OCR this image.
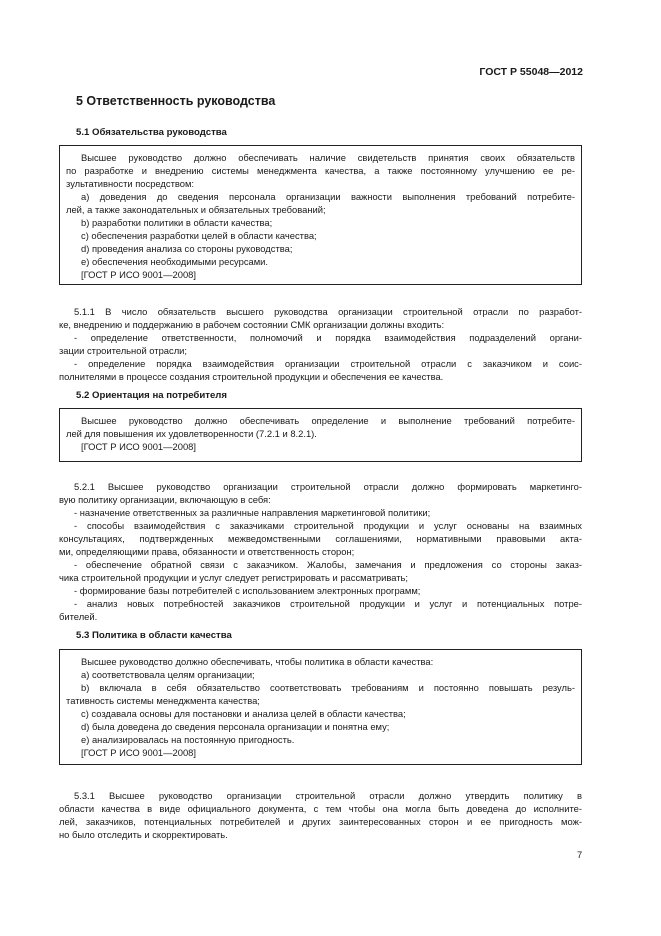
ГОСТ Р 55048—2012
5 Ответственность руководства
5.1 Обязательства руководства
Высшее руководство должно обеспечивать наличие свидетельств принятия своих обязательств
по разработке и внедрению системы менеджмента качества, а также постоянному улучшению ее ре-
зультативности посредством:
a) доведения до сведения персонала организации важности выполнения требований потребите-
лей, а также законодательных и обязательных требований;
b) разработки политики в области качества;
c) обеспечения разработки целей в области качества;
d) проведения анализа со стороны руководства;
e) обеспечения необходимыми ресурсами.
[ГОСТ Р ИСО 9001—2008]
5.1.1 В число обязательств высшего руководства организации строительной отрасли по разработ-
ке, внедрению и поддержанию в рабочем состоянии СМК организации должны входить:
- определение ответственности, полномочий и порядка взаимодействия подразделений органи-
зации строительной отрасли;
- определение порядка взаимодействия организации строительной отрасли с заказчиком и соис-
полнителями в процессе создания строительной продукции и обеспечения ее качества.
5.2 Ориентация на потребителя
Высшее руководство должно обеспечивать определение и выполнение требований потребите-
лей для повышения их удовлетворенности (7.2.1 и 8.2.1).
[ГОСТ Р ИСО 9001—2008]
5.2.1 Высшее руководство организации строительной отрасли должно формировать маркетинго-
вую политику организации, включающую в себя:
- назначение ответственных за различные направления маркетинговой политики;
- способы взаимодействия с заказчиками строительной продукции и услуг основаны на взаимных
консультациях, подтвержденных межведомственными соглашениями, нормативными правовыми акта-
ми, определяющими права, обязанности и ответственность сторон;
- обеспечение обратной связи с заказчиком. Жалобы, замечания и предложения со стороны заказ-
чика строительной продукции и услуг следует регистрировать и рассматривать;
- формирование базы потребителей с использованием электронных программ;
- анализ новых потребностей заказчиков строительной продукции и услуг и потенциальных потре-
бителей.
5.3 Политика в области качества
Высшее руководство должно обеспечивать, чтобы политика в области качества:
a) соответствовала целям организации;
b) включала в себя обязательство соответствовать требованиям и постоянно повышать резуль-
тативность системы менеджмента качества;
c) создавала основы для постановки и анализа целей в области качества;
d) была доведена до сведения персонала организации и понятна ему;
e) анализировалась на постоянную пригодность.
[ГОСТ Р ИСО 9001—2008]
5.3.1 Высшее руководство организации строительной отрасли должно утвердить политику в
области качества в виде официального документа, с тем чтобы она могла быть доведена до исполните-
лей, заказчиков, потенциальных потребителей и других заинтересованных сторон и ее пригодность мож-
но было отследить и скорректировать.
7
